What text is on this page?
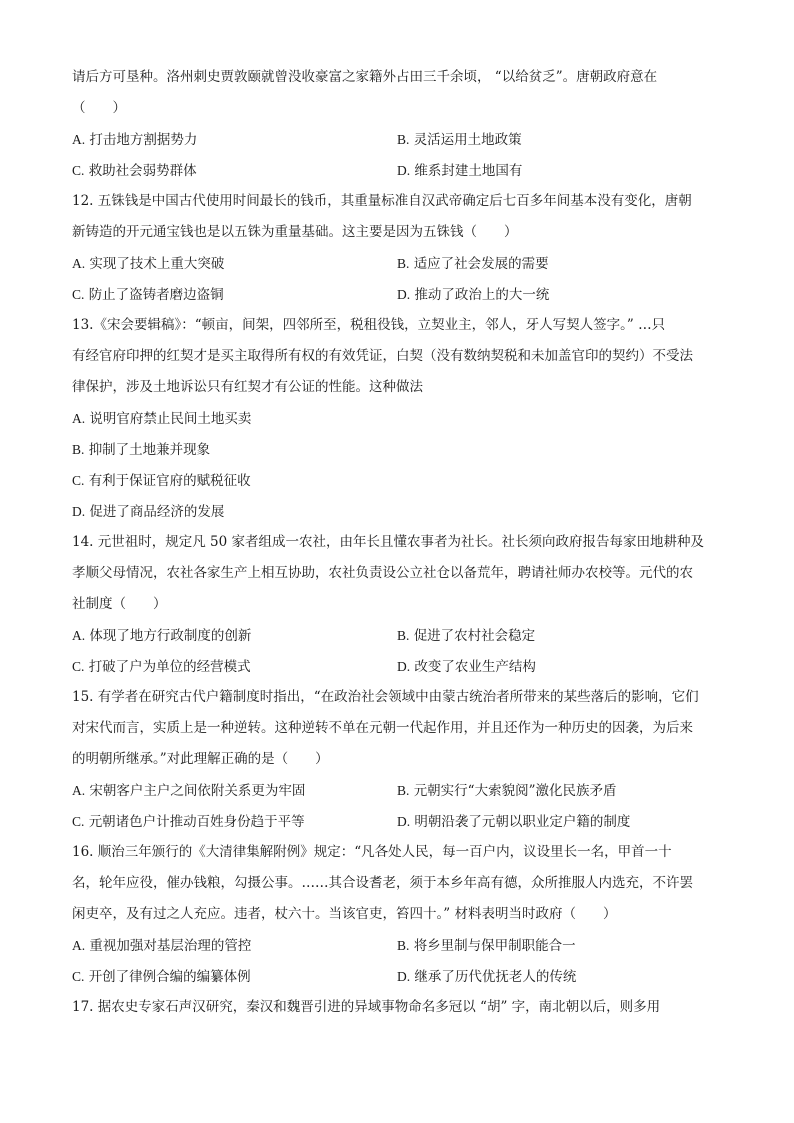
请后方可垦种。洛州刺史贾敦颐就曾没收豪富之家籍外占田三千余顷， “以给贫乏”。唐朝政府意在
（　　）
A. 打击地方割据势力	B. 灵活运用土地政策
C. 救助社会弱势群体	D. 维系封建土地国有
12. 五铢钱是中国古代使用时间最长的钱币，其重量标准自汉武帝确定后七百多年间基本没有变化，唐朝
新铸造的开元通宝钱也是以五铢为重量基础。这主要是因为五铢钱（　　）
A. 实现了技术上重大突破	B. 适应了社会发展的需要
C. 防止了盗铸者磨边盗铜	D. 推动了政治上的大一统
13.《宋会要辑稿》：“顿亩，间架，四邻所至，税租役钱，立契业主，邻人，牙人写契人签字。” …只
有经官府印押的红契才是买主取得所有权的有效凭证，白契（没有数纳契税和未加盖官印的契约）不受法
律保护，涉及土地诉讼只有红契才有公证的性能。这种做法
A. 说明官府禁止民间土地买卖
B. 抑制了土地兼并现象
C. 有利于保证官府的赋税征收
D. 促进了商品经济的发展
14. 元世祖时，规定凡 50 家者组成一农社，由年长且懂农事者为社长。社长须向政府报告每家田地耕种及
孝顺父母情况，农社各家生产上相互协助，农社负责设公立社仓以备荒年，聘请社师办农校等。元代的农
社制度（　　）
A. 体现了地方行政制度的创新	B. 促进了农村社会稳定
C. 打破了户为单位的经营模式	D. 改变了农业生产结构
15. 有学者在研究古代户籍制度时指出，“在政治社会领域中由蒙古统治者所带来的某些落后的影响，它们
对宋代而言，实质上是一种逆转。这种逆转不单在元朝一代起作用，并且还作为一种历史的因袭，为后来
的明朝所继承。”对此理解正确的是（　　）
A. 宋朝客户主户之间依附关系更为牢固	B. 元朝实行“大索貌阅”激化民族矛盾
C. 元朝诸色户计推动百姓身份趋于平等	D. 明朝沿袭了元朝以职业定户籍的制度
16. 顺治三年颁行的《大清律集解附例》规定：“凡各处人民，每一百户内，议设里长一名，甲首一十
名，轮年应役，催办钱粮，勾摄公事。……其合设耆老，须于本乡年高有德，众所推服人内选充，不许罢
闲吏卒，及有过之人充应。违者，杖六十。当该官吏，笞四十。” 材料表明当时政府（　　）
A. 重视加强对基层治理的管控	B. 将乡里制与保甲制职能合一
C. 开创了律例合编的编纂体例	D. 继承了历代优抚老人的传统
17. 据农史专家石声汉研究，秦汉和魏晋引进的异域事物命名多冠以 “胡” 字，南北朝以后，则多用
